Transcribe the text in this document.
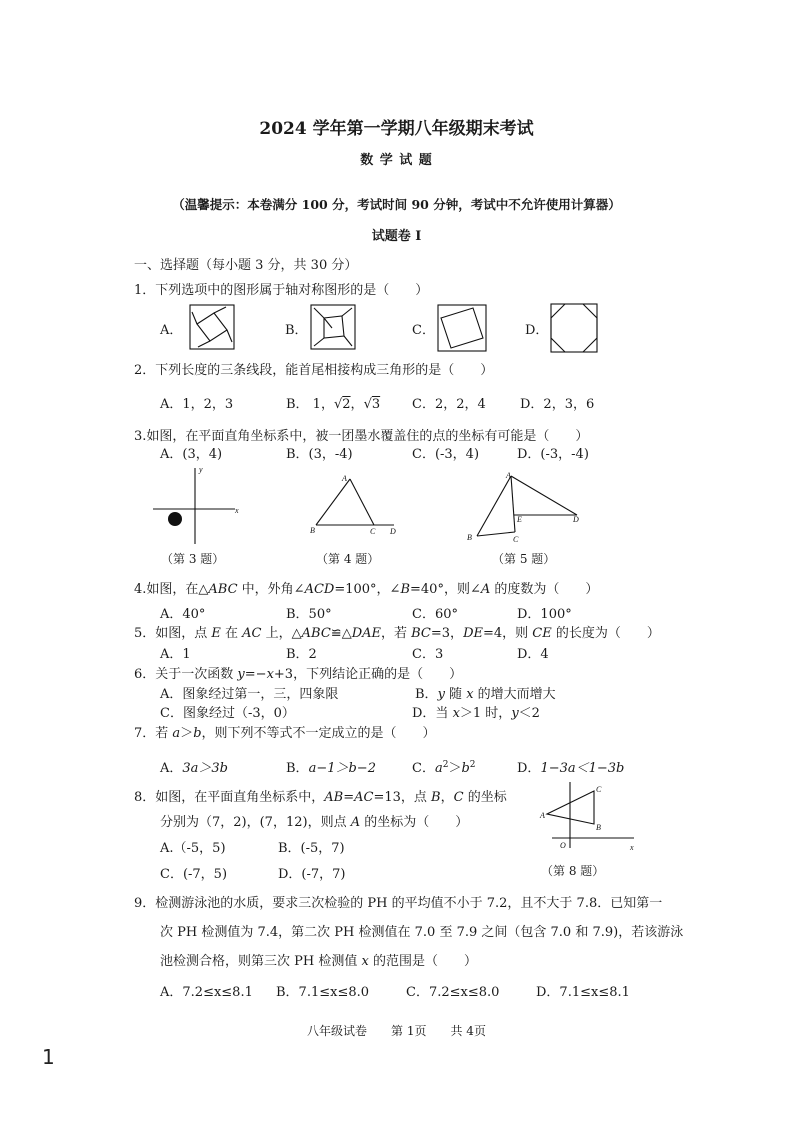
2024 学年第一学期八年级期末考试
数 学 试 题
（温馨提示：本卷满分 100 分，考试时间 90 分钟，考试中不允许使用计算器）
试题卷 I
一、选择题（每小题 3 分，共 30 分）
1．下列选项中的图形属于轴对称图形的是（　　）
A．	B．	C．	D．
2．下列长度的三条线段，能首尾相接构成三角形的是（　　）
A．1，2，3	B． 1，√2，√3 C．2，2，4	D．2，3，6
3.如图，在平面直角坐标系中，被一团墨水覆盖住的点的坐标有可能是（　　）
A．(3，4)	B．(3，-4)	C．(-3，4)	D．(-3，-4)
x
y
（第 3 题）
A
B	C D
（第 4 题）
A
B	C
D
E
（第 5 题）
4.如图，在△ABC 中，外角∠ACD=100°，∠B=40°，则∠A 的度数为（　　）
A．40°	B．50°	C．60°	D．100°
5．如图，点 E 在 AC 上，△ABC≌△DAE，若 BC=3，DE=4，则 CE 的长度为（　　）
A．1	B．2	C．3	D．4
6．关于一次函数 y=−x+3，下列结论正确的是（　　）
A．图象经过第一，三，四象限	B．y 随 x 的增大而增大
C．图象经过（-3，0）	D．当 x＞1 时，y＜2
7．若 a＞b，则下列不等式不一定成立的是（　　）
A．3a＞3b	B．a−1＞b−2	C．$a^2>b^2$	D．1−3a＜1−3b
8．如图，在平面直角坐标系中，AB=AC=13，点 B，C 的坐标
分别为（7，2)，(7，12)，则点 A 的坐标为（　　）
A.（-5，5)	B．(-5，7)
C．(-7，5)	D．(-7，7)
A
B
C
O	x
（第 8 题）
9．检测游泳池的水质，要求三次检验的 PH 的平均值不小于 7.2，且不大于 7.8．已知第一
次 PH 检测值为 7.4，第二次 PH 检测值在 7.0 至 7.9 之间（包含 7.0 和 7.9)，若该游泳
池检测合格，则第三次 PH 检测值 x 的范围是（　　）
A．7.2≤x≤8.1 B．7.1≤x≤8.0	C．7.2≤x≤8.0	D．7.1≤x≤8.1
八年级试卷　　第 1页　　共 4页
1
